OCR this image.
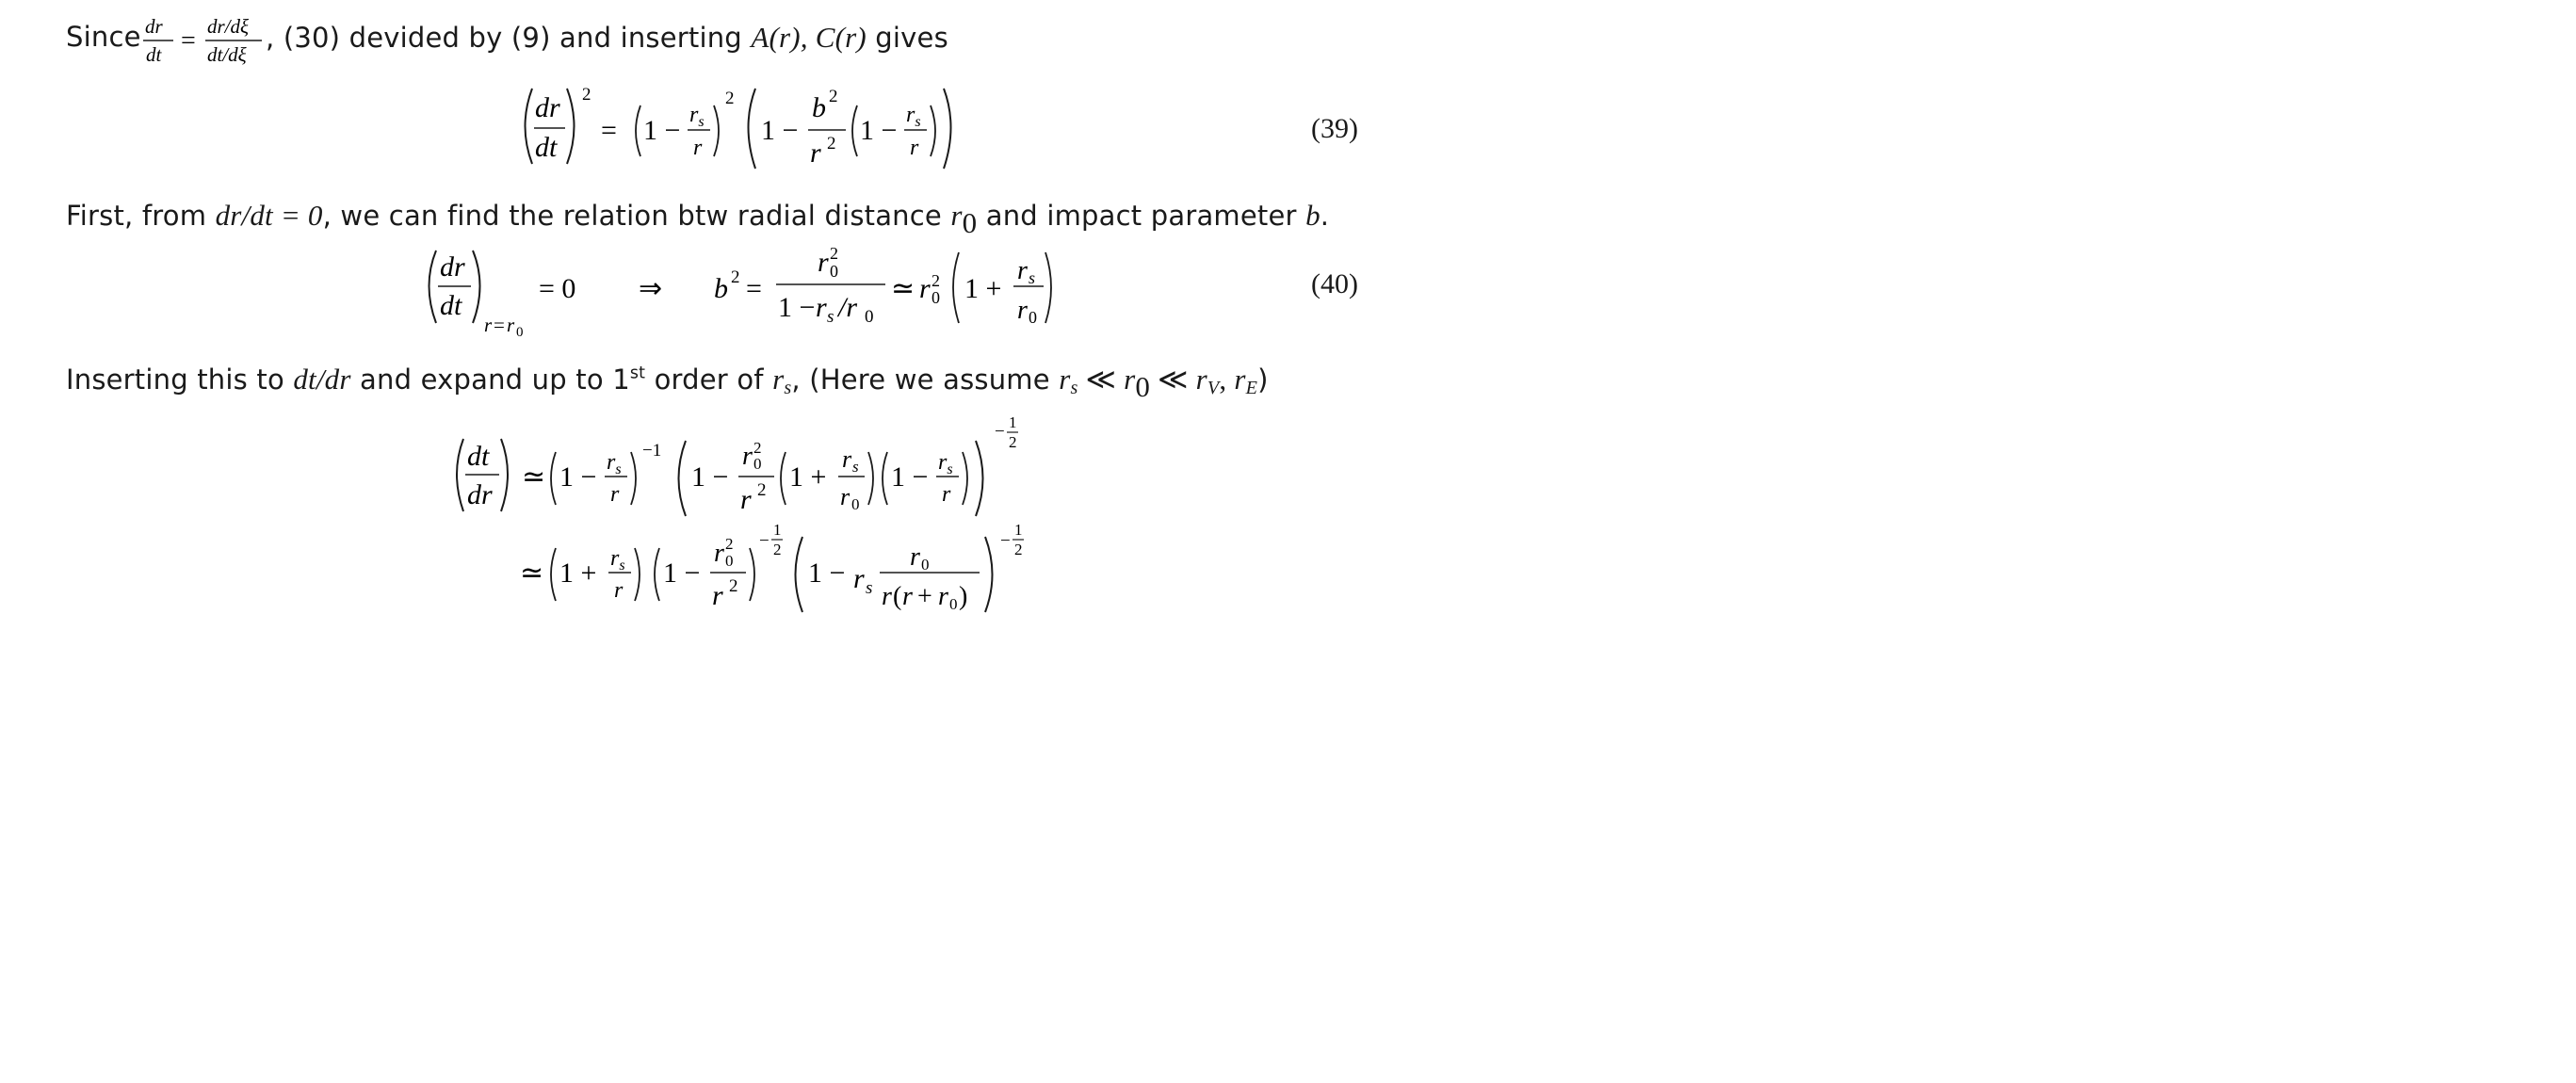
Since dr
dt = dr/dξ
dt/dξ
, (30) devided by (9) and inserting A(r), C(r) gives
dr
dt
2
= $1 - r_s$
r
2
1 −
b 2
r 2 $1 - r_s$
r
(39)
First, from dr/dt = 0, we can find the relation btw radial distance $r_0$ and impact parameter b.
dr
dt
r = r 0
= 0 ⇒ b 2 =
r 2
0
1 − r s /r 0
≃ r 2
0 1 +
r s
r 0
(40)
Inserting this to dt/dr and expand up to 1st order of $r_s$, (Here we assume $r_s$ ≪ $r_0$ ≪ $r_V$, $r_E$)
dt
dr
≃ $1 - r_s$
r
−1
1 −
r 2
0
r 2 1 +
r s
r 0
$1 - r_s$
r
− 1
2
≃ $1 + r_s$
r
1 −
r 2
0
r 2
−
1
2
1 − r s
r 0
r ( r + r 0 )
−
1
2
